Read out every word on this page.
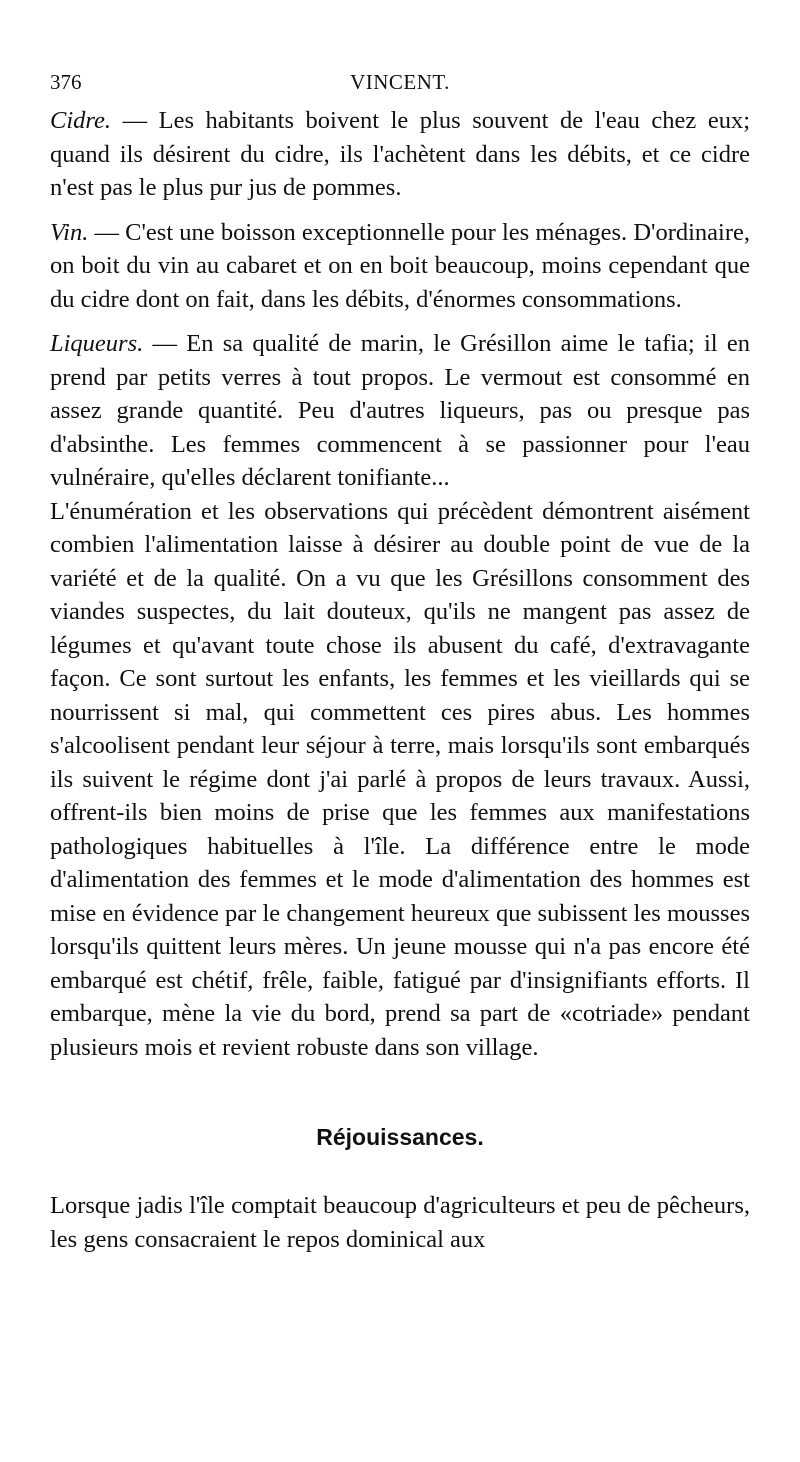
376	VINCENT.

Cidre. — Les habitants boivent le plus souvent de l'eau chez eux; quand ils désirent du cidre, ils l'achètent dans les débits, et ce cidre n'est pas le plus pur jus de pommes.

Vin. — C'est une boisson exceptionnelle pour les ménages. D'ordinaire, on boit du vin au cabaret et on en boit beaucoup, moins cependant que du cidre dont on fait, dans les débits, d'énormes consommations.

Liqueurs. — En sa qualité de marin, le Grésillon aime le tafia; il en prend par petits verres à tout propos. Le vermout est consommé en assez grande quantité. Peu d'autres liqueurs, pas ou presque pas d'absinthe. Les femmes commencent à se passionner pour l'eau vulnéraire, qu'elles déclarent tonifiante...

L'énumération et les observations qui précèdent démontrent aisément combien l'alimentation laisse à désirer au double point de vue de la variété et de la qualité. On a vu que les Grésillons consomment des viandes suspectes, du lait douteux, qu'ils ne mangent pas assez de légumes et qu'avant toute chose ils abusent du café, d'extravagante façon. Ce sont surtout les enfants, les femmes et les vieillards qui se nourrissent si mal, qui commettent ces pires abus. Les hommes s'alcoolisent pendant leur séjour à terre, mais lorsqu'ils sont embarqués ils suivent le régime dont j'ai parlé à propos de leurs travaux. Aussi, offrent-ils bien moins de prise que les femmes aux manifestations pathologiques habituelles à l'île. La différence entre le mode d'alimentation des femmes et le mode d'alimentation des hommes est mise en évidence par le changement heureux que subissent les mousses lorsqu'ils quittent leurs mères. Un jeune mousse qui n'a pas encore été embarqué est chétif, frêle, faible, fatigué par d'insignifiants efforts. Il embarque, mène la vie du bord, prend sa part de «cotriade» pendant plusieurs mois et revient robuste dans son village.

Réjouissances.

Lorsque jadis l'île comptait beaucoup d'agriculteurs et peu de pêcheurs, les gens consacraient le repos dominical aux
